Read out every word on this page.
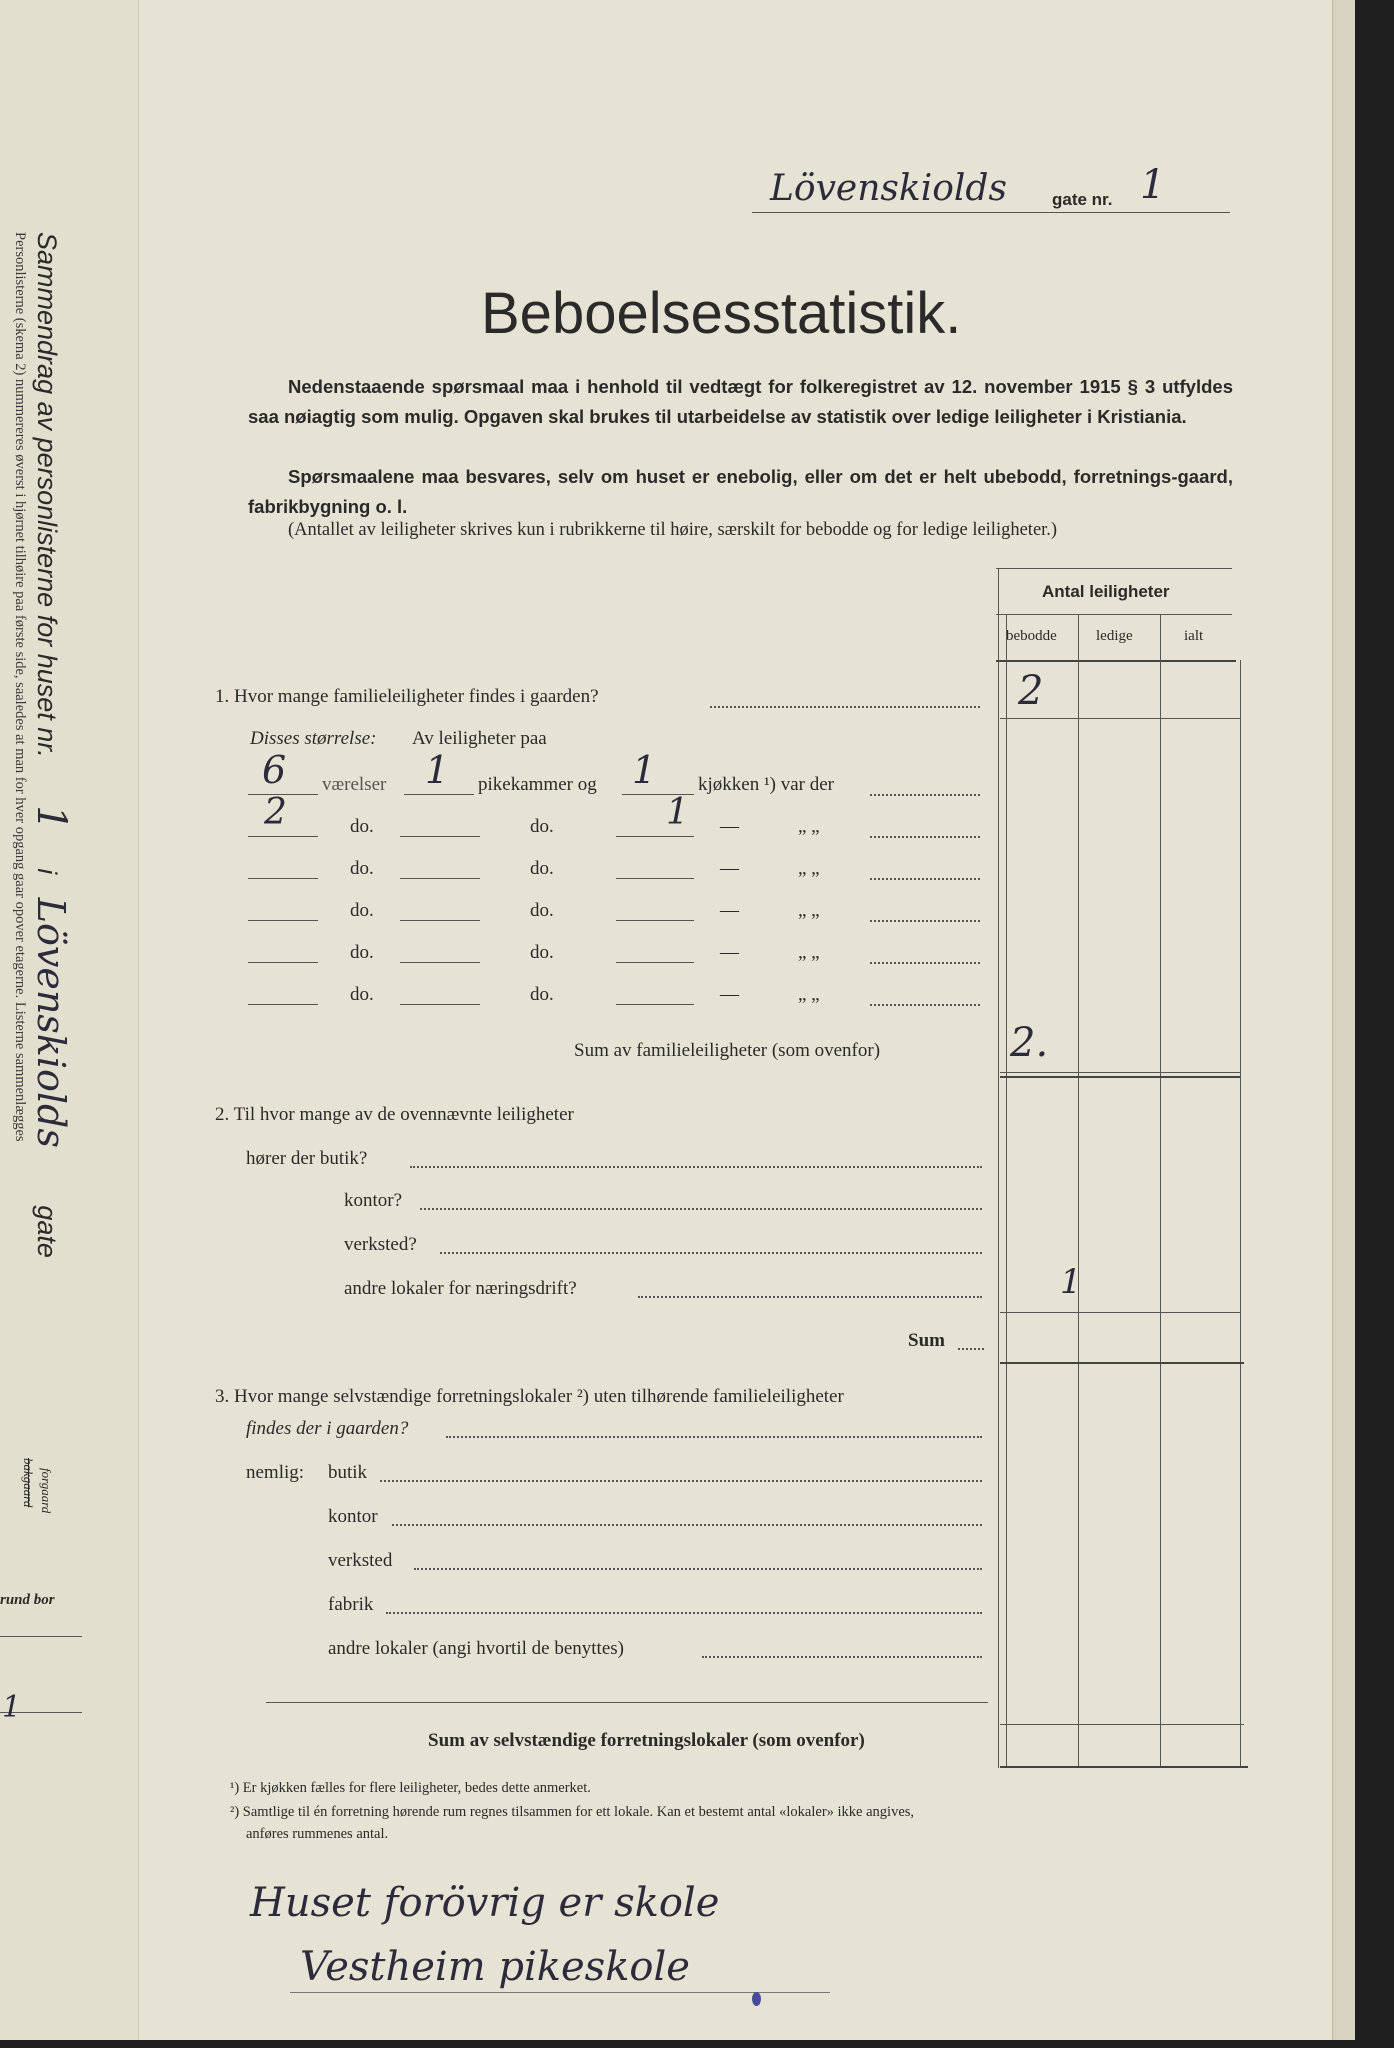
Sammendrag av personlisterne for huset nr. 1 i Lövenskiolds gate
Personlisterne (skema 2) nummereres øverst i hjørnet tilhøire paa første side, saaledes at man for hver opgang gaar opover etagerne. Listerne sammenlægges
forgaard
bakgaard
rund bor
1
Lövenskiolds	gate nr. 1
Beboelsesstatistik.
Nedenstaaende spørsmaal maa i henhold til vedtægt for folkeregistret av 12. november 1915 § 3 utfyldes saa nøiagtig som mulig. Opgaven skal brukes til utarbeidelse av statistik over ledige leiligheter i Kristiania.
Spørsmaalene maa besvares, selv om huset er enebolig, eller om det er helt ubebodd, forretnings-gaard, fabrikbygning o. l.
(Antallet av leiligheter skrives kun i rubrikkerne til høire, særskilt for bebodde og for ledige leiligheter.)
Antal leiligheter
bebodde	ledige	ialt
1. Hvor mange familieleiligheter findes i gaarden?	2
Disses størrelse: Av leiligheter paa
6 værelser 1 pikekammer og 1 kjøkken ¹) var der
2	do.	do.	1 —	„ „
do.	do.	—	„ „
do.	do.	—	„ „
do.	do.	—	„ „
do.	do.	—	„ „
Sum av familieleiligheter (som ovenfor)	2.
2. Til hvor mange av de ovennævnte leiligheter
hører der butik?
kontor?
verksted?
andre lokaler for næringsdrift?	1
Sum
3. Hvor mange selvstændige forretningslokaler ²) uten tilhørende familieleiligheter
findes der i gaarden?
nemlig: butik
kontor
verksted
fabrik
andre lokaler (angi hvortil de benyttes)
Sum av selvstændige forretningslokaler (som ovenfor)
¹) Er kjøkken fælles for flere leiligheter, bedes dette anmerket.
²) Samtlige til én forretning hørende rum regnes tilsammen for ett lokale. Kan et bestemt antal «lokaler» ikke angives,
anføres rummenes antal.
Huset forövrig er skole
Vestheim pikeskole
